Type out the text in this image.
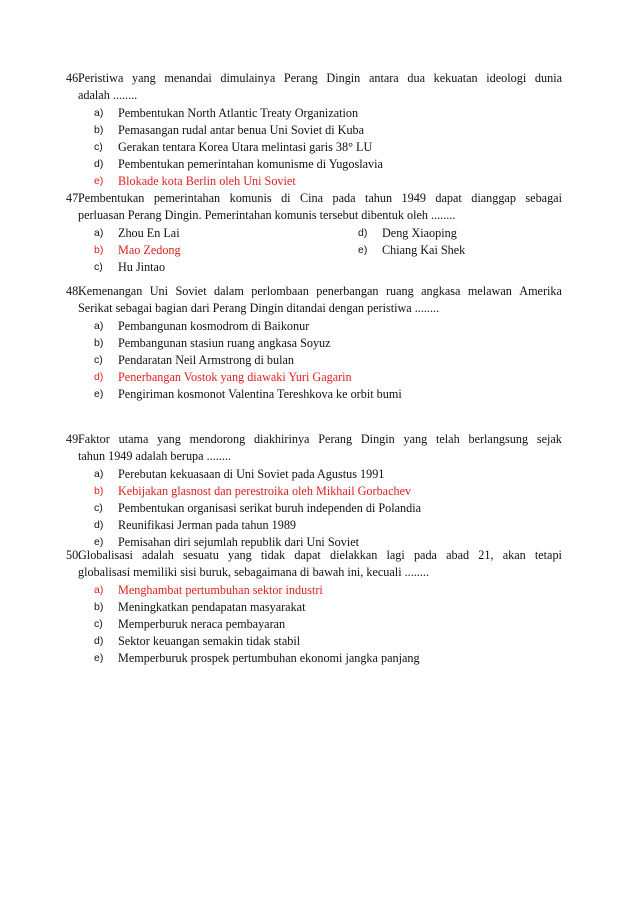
46.
Peristiwa yang menandai dimulainya Perang Dingin antara dua kekuatan ideologi dunia
adalah ........
a)	Pembentukan North Atlantic Treaty Organization
b)	Pemasangan rudal antar benua Uni Soviet di Kuba
c)	Gerakan tentara Korea Utara melintasi garis 38° LU
d)	Pembentukan pemerintahan komunisme di Yugoslavia
e)	Blokade kota Berlin oleh Uni Soviet
47.
Pembentukan pemerintahan komunis di Cina pada tahun 1949 dapat dianggap sebagai
perluasan Perang Dingin. Pemerintahan komunis tersebut dibentuk oleh ........
a)	Zhou En Lai
b)	Mao Zedong
c)	Hu Jintao
d)	Deng Xiaoping
e)	Chiang Kai Shek
48.
Kemenangan Uni Soviet dalam perlombaan penerbangan ruang angkasa melawan Amerika
Serikat sebagai bagian dari Perang Dingin ditandai dengan peristiwa ........
a)	Pembangunan kosmodrom di Baikonur
b)	Pembangunan stasiun ruang angkasa Soyuz
c)	Pendaratan Neil Armstrong di bulan
d)	Penerbangan Vostok yang diawaki Yuri Gagarin
e)	Pengiriman kosmonot Valentina Tereshkova ke orbit bumi
49.
Faktor utama yang mendorong diakhirinya Perang Dingin yang telah berlangsung sejak
tahun 1949 adalah berupa ........
a)	Perebutan kekuasaan di Uni Soviet pada Agustus 1991
b)	Kebijakan glasnost dan perestroika oleh Mikhail Gorbachev
c)	Pembentukan organisasi serikat buruh independen di Polandia
d)	Reunifikasi Jerman pada tahun 1989
e)	Pemisahan diri sejumlah republik dari Uni Soviet
50.
Globalisasi adalah sesuatu yang tidak dapat dielakkan lagi pada abad 21, akan tetapi
globalisasi memiliki sisi buruk, sebagaimana di bawah ini, kecuali ........
a)	Menghambat pertumbuhan sektor industri
b)	Meningkatkan pendapatan masyarakat
c)	Memperburuk neraca pembayaran
d)	Sektor keuangan semakin tidak stabil
e)	Memperburuk prospek pertumbuhan ekonomi jangka panjang
